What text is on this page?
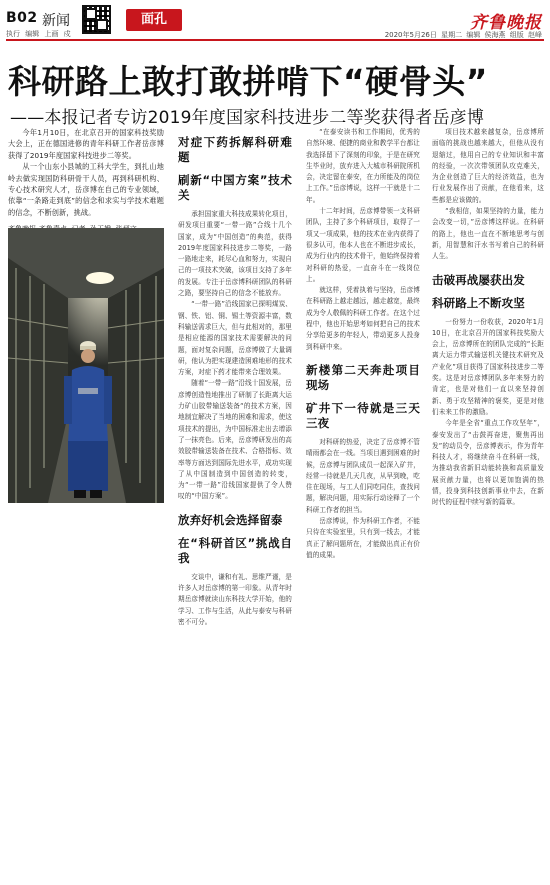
B02 新闻
执行 编辑 上画 戍
面孔	齐鲁晚报
2020年5月26日 星期二 编辑 侯海燕 组版 赵峰
科研路上敢打敢拼啃下“硬骨头”
——本报记者专访2019年度国家科技进步二等奖获得者岳彦博

今年1月10日，在北京召开的国家科技奖励大会上，正在德国进修的青年科研工作者岳彦博获得了2019年度国家科技进步二等奖。

从一个山东小县城的工科大学生，到扎山地岭去做实现国防科研骨干人员，再到科研机构、专心技术研究人才，岳彦博在自己的专业领域，依靠“一条路走到底”的信念和求实与学技术难题的信念，不断创新，挑战。

对症下药拆解科研难题
刷新“中国方案”技术关

承担国家重大科技成果转化项目，研发项目重要“一带一路”合线十几个国家，成为“中国创造”的典范，获得2019年度国家科技进步二等奖，一路一路地走来，耗尽心血和努力，实现自己的一项技术突破，该项目支持了多年的发展。专注于岳彦博科研团队的科研之路，要坚持自己的信念不能放弃。

“一带一路”沿线国家已探明煤炭、钢、铁、铝、铜、锡土等资源丰富，数科输送需求巨大，但与此相对的，那里是相应能源的国家技术需要解决的问题，面对复杂问题，岳彦博做了大量调研，他认为把实现建造困难地形的技术方案，对症下药才能带来合理效果。

随着“一带一路”沿线十国发展，岳彦博创造性地推出了研制了长距离大运力矿山胶带输送装备“的技术方案，因地制宜解决了当地的困难和需求，使这项技术的提出，为中国标准走出去增添了一抹亮色。后来，岳彦博研发出的高效胶带输送装备在技术、合格指标、效率等方面达到国际先进水平，成功实现了从中国制造到中国创造的转变，为“一带一路”沿线国家提供了令人赞叹的“中国方案”。

放弃好机会选择留泰
在“科研首区”挑战自我

交谈中，谦和有礼、思维严谨，是许多人对岳彦博的第一印象。从青年时期岳彦博就读山东科技大学开始，他的学习、工作与生活，从此与泰安与科研密不可分。

“在泰安读书和工作期间，优秀的自然环境、便捷的商业和教学平台都让我选择留下了深刻的印象，于是在研究生毕业时，放弃进入大城市科研院所机会，决定留在泰安，在力所能及的岗位上工作。”岳彦博说，这样一干就是十二年。

十二年时间，岳彦博带领一支科研团队，主持了多个科研项目，取得了一项又一项成果，他的技术在业内获得了很多认可，他本人也在不断进步成长，成为行业内的技术骨干，他始终保持着对科研的热爱，一直奋斗在一线岗位上。

就这样，凭着执着与坚持，岳彦博在科研路上越走越远，越走越宽，最终成为令人敬佩的科研工作者。在这个过程中，他也开始思考如何把自己的技术分享给更多的年轻人，带动更多人投身到科研中来。

新楼第二天奔赴项目现场
矿井下一待就是三天三夜

对科研的热爱，决定了岳彦博不管晴雨都会在一线。当项目遇到困难的时候，岳彦博与团队成员一起深入矿井，经常一待就是几天几夜，从早到晚，吃住在现场，与工人们同吃同住，查找问题，解决问题，用实际行动诠释了一个科研工作者的担当。

岳彦博说，作为科研工作者，不能只待在实验室里，只有到一线去，才能真正了解问题所在，才能做出真正有价值的成果。

项目技术越来越复杂，岳彦博所面临的挑战也越来越大，但他从没有退缩过，他用自己的专业知识和丰富的经验，一次次带领团队攻克难关，为企业创造了巨大的经济效益，也为行业发展作出了贡献，在他看来，这些都是应该做的。

“我相信，如果坚持的力量，能力会改变一切，”岳彦博这样说。在科研的路上，他也一直在不断地思考与创新，用智慧和汗水书写着自己的科研人生。

击破再战屡获出发
科研路上不断攻坚

一份努力一份收获，2020年1月10日，在北京召开的国家科技奖励大会上，岳彦博所在的团队完成的“长距离大运力带式输送机关键技术研究及产业化”项目获得了国家科技进步二等奖。这是对岳彦博团队多年来努力的肯定，也是对他们一直以来坚持创新、勇于攻坚精神的褒奖，更是对他们未来工作的激励。

今年是全省“重点工作攻坚年”，泰安发出了“击鼓再奋进，聚焦再出发”的动员令，岳彦博表示，作为青年科技人才，将继续奋斗在科研一线，为推动我省新旧动能转换和高质量发展贡献力量，也将以更加饱满的热情，投身到科技创新事业中去，在新时代的征程中续写新的篇章。
